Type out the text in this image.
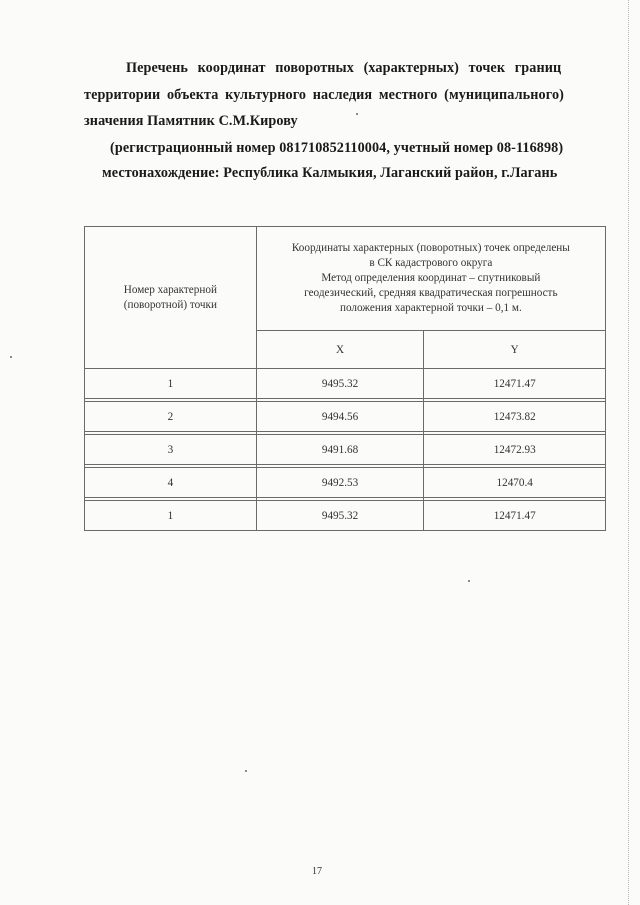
Перечень координат поворотных (характерных) точек границ
территории объекта культурного наследия местного (муниципального)
значения Памятник С.М.Кирову
(регистрационный номер 081710852110004, учетный номер 08-116898)
местонахождение: Республика Калмыкия, Лаганский район, г.Лагань
Номер характерной (поворотной) точки	Координаты характерных (поворотных) точек определены
в СК кадастрового округа
Метод определения координат – спутниковый
геодезический, средняя квадратическая погрешность
положения характерной точки – 0,1 м.	

	X	Y
1	9495.32	12471.47

2	9494.56	12473.82

3	9491.68	12472.93

4	9492.53	12470.4

1	9495.32	12471.47
17
